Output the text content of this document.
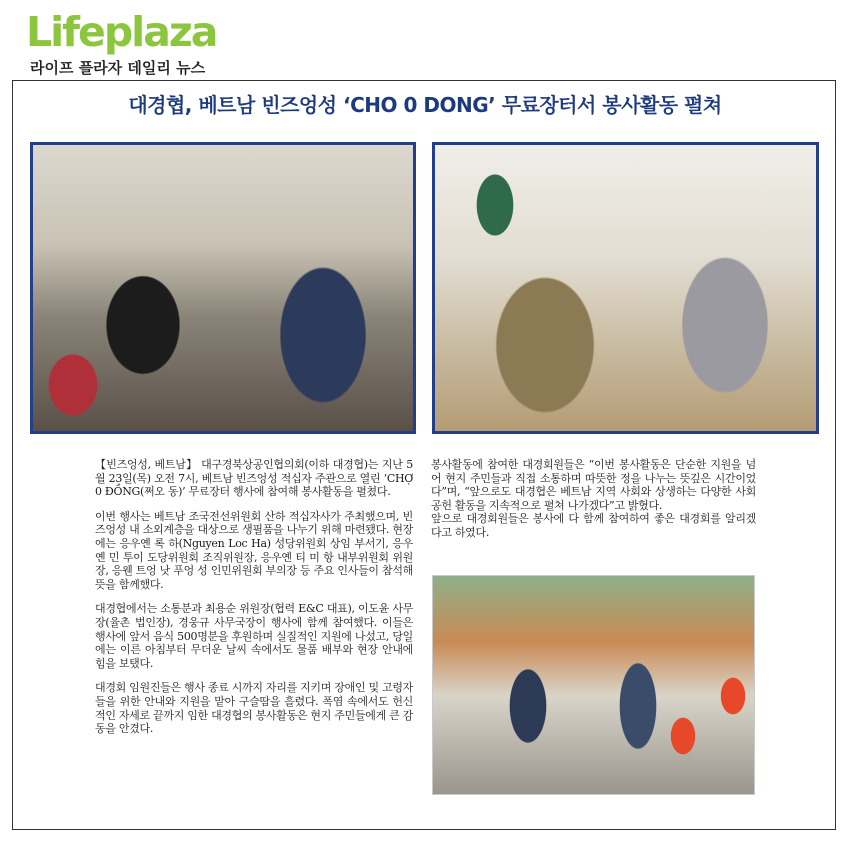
Lifeplaza
라이프 플라자 데일리 뉴스
대경협, 베트남 빈즈엉성 ‘CHO 0 DONG’ 무료장터서 봉사활동 펼쳐

【빈즈엉성, 베트남】 대구경북상공인협의회(이하 대경협)는 지난 5월 23일(목) 오전 7시, 베트남 빈즈엉성 적십자 주관으로 열린 ‘CHỢ 0 ĐỒNG(쩌오 동)’ 무료장터 행사에 참여해 봉사활동을 펼쳤다.

이번 행사는 베트남 조국전선위원회 산하 적십자사가 주최했으며, 빈즈엉성 내 소외계층을 대상으로 생필품을 나누기 위해 마련됐다. 현장에는 응우옌 록 하(Nguyen Loc Ha) 성당위원회 상임 부서기, 응우옌 민 투이 도당위원회 조직위원장, 응우옌 티 미 항 내부위원회 위원장, 응웬 트엉 낫 푸엉 성 인민위원회 부의장 등 주요 인사들이 참석해 뜻을 함께했다.

대경협에서는 소통분과 최용순 위원장(협력 E&C 대표), 이도윤 사무장(율촌 법인장), 경웅규 사무국장이 행사에 함께 참여했다. 이들은 행사에 앞서 음식 500명분을 후원하며 실질적인 지원에 나섰고, 당일에는 이른 아침부터 무더운 날씨 속에서도 물품 배부와 현장 안내에 힘을 보탰다.

대경회 임원진들은 행사 종료 시까지 자리를 지키며 장애인 및 고령자들을 위한 안내와 지원을 맡아 구슬땀을 흘렸다. 폭염 속에서도 헌신적인 자세로 끝까지 임한 대경협의 봉사활동은 현지 주민들에게 큰 감동을 안겼다.

봉사활동에 참여한 대경회원들은 “이번 봉사활동은 단순한 지원을 넘어 현지 주민들과 직접 소통하며 따뜻한 정을 나누는 뜻깊은 시간이었다”며, “앞으로도 대경협은 베트남 지역 사회와 상생하는 다양한 사회공헌 활동을 지속적으로 펼쳐 나가겠다”고 밝혔다.
앞으로 대경회원들은 봉사에 다 함께 참여하여 좋은 대경회를 알리겠다고 하였다.
